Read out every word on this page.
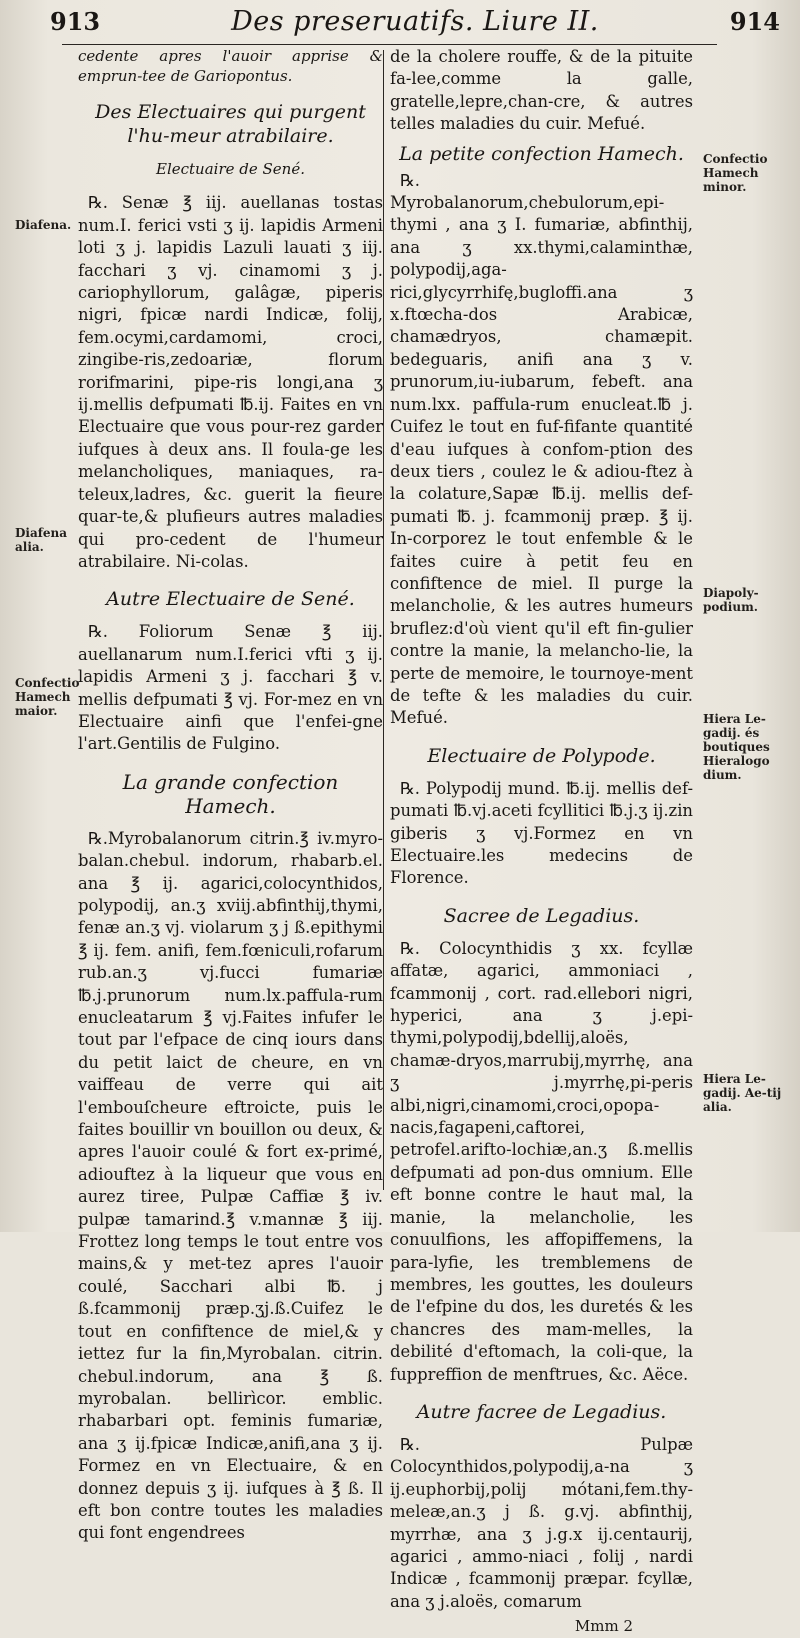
913	Des preseruatifs. Liure II.	914

cedente apres l'auoir apprise & emprun-tee de Gariopontus.

Des Electuaires qui purgent l'hu-meur atrabilaire.
Electuaire de Sené.

℞. Senæ ℥ iij. auellanas tostas num.I. ferici vsti ʒ ij. lapidis Armeni loti ʒ j. lapidis Lazuli lauati ʒ iij. facchari ʒ vj. cinamomi ʒ j. cariophyllorum, galâgæ, piperis nigri, fpicæ nardi Indicæ, folij, fem.ocymi,cardamomi, croci, zingibe-ris,zedoariæ, florum rorifmarini, pipe-ris longi,ana ʒ ij.mellis defpumati ℔.ij. Faites en vn Electuaire que vous pour-rez garder iufques à deux ans. Il foula-ge les melancholiques, maniaques, ra-teleux,ladres, &c. guerit la fieure quar-te,& plufieurs autres maladies qui pro-cedent de l'humeur atrabilaire. Ni-colas.

Autre Electuaire de Sené.

℞. Foliorum Senæ ℥ iij. auellanarum num.I.ferici vfti ʒ ij. lapidis Armeni ʒ j. facchari ℥ v. mellis defpumati ℥ vj. For-mez en vn Electuaire ainfi que l'enfei-gne l'art.Gentilis de Fulgino.

La grande confection Hamech.

℞.Myrobalanorum citrin.℥ iv.myro-balan.chebul. indorum, rhabarb.el. ana ℥ ij. agarici,colocynthidos, polypodij, an.ʒ xviij.abfinthij,thymi, fenæ an.ʒ vj. violarum ʒ j ß.epithymi ℥ ij. fem. anifi, fem.fœniculi,rofarum rub.an.ʒ vj.fucci fumariæ ℔.j.prunorum num.lx.paffula-rum enucleatarum ℥ vj.Faites infufer le tout par l'efpace de cinq iours dans du petit laict de cheure, en vn vaiffeau de verre qui ait l'embouſcheure eftroicte, puis le faites bouillir vn bouillon ou deux, & apres l'auoir coulé & fort ex-primé, adiouftez à la liqueur que vous en aurez tiree, Pulpæ Caffiæ ℥ iv. pulpæ tamarind.℥ v.mannæ ℥ iij. Frottez long temps le tout entre vos mains,& y met-tez apres l'auoir coulé, Sacchari albi ℔. j ß.fcammonij præp.ʒj.ß.Cuifez le tout en confiftence de miel,& y iettez fur la fin,Myrobalan. citrin. chebul.indorum, ana ℥ ß. myrobalan. bellirìcor. emblic. rhabarbari opt. feminis fumariæ, ana ʒ ij.fpicæ Indicæ,anifi,ana ʒ ij. Formez en vn Electuaire, & en donnez depuis ʒ ij. iufques à ℥ ß. Il eft bon contre toutes les maladies qui font engendrees

de la cholere rouffe, & de la pituite fa-lee,comme la galle, gratelle,lepre,chan-cre, & autres telles maladies du cuir. Mefué.

La petite confection Hamech.

℞. Myrobalanorum,chebulorum,epi-thymi , ana ʒ I. fumariæ, abfinthij, ana ʒ xx.thymi,calaminthæ, polypodij,aga-rici,glycyrrhifę,bugloffi.ana ʒ x.ftœcha-dos Arabicæ, chamædryos, chamæpit. bedeguaris, anifi ana ʒ v. prunorum,iu-iubarum, febeft. ana num.lxx. paffula-rum enucleat.℔ j. Cuifez le tout en fuf-fifante quantité d'eau iufques à confom-ption des deux tiers , coulez le & adiou-ftez à la colature,Sapæ ℔.ij. mellis def-pumati ℔. j. fcammonij præp. ℥ ij. In-corporez le tout enfemble & le faites cuire à petit feu en confiftence de miel. Il purge la melancholie, & les autres humeurs bruflez:d'où vient qu'il eft fin-gulier contre la manie, la melancho-lie, la perte de memoire, le tournoye-ment de tefte & les maladies du cuir. Mefué.

Electuaire de Polypode.

℞. Polypodij mund. ℔.ij. mellis def-pumati ℔.vj.aceti fcyllitici ℔.j.ʒ ij.zin giberis ʒ vj.Formez en vn Electuaire.les medecins de Florence.

Sacree de Legadius.

℞. Colocynthidis ʒ xx. fcyllæ affatæ, agarici, ammoniaci , fcammonij , cort. rad.ellebori nigri, hyperici, ana ʒ j.epi-thymi,polypodij,bdellij,aloës, chamæ-dryos,marrubij,myrrhę, ana ʒ j.myrrhę,pi-peris albi,nigri,cinamomi,croci,opopa-nacis,fagapeni,caftorei, petrofel.arifto-lochiæ,an.ʒ ß.mellis defpumati ad pon-dus omnium. Elle eft bonne contre le haut mal, la manie, la melancholie, les conuulfions, les affopiffemens, la para-lyfie, les tremblemens de membres, les gouttes, les douleurs de l'efpine du dos, les duretés & les chancres des mam-melles, la debilité d'eftomach, la coli-que, la fuppreffion de menftrues, &c. Aëce.

Autre facree de Legadius.

℞. Pulpæ Colocynthidos,polypodij,a-na ʒ ij.euphorbij,polij mótani,fem.thy-meleæ,an.ʒ j ß. g.vj. abfinthij, myrrhæ, ana ʒ j.g.x ij.centaurij, agarici , ammo-niaci , folij , nardi Indicæ , fcammonij præpar. fcyllæ, ana ʒ j.aloës, comarum

Mmm 2
Diafena.
Diafena alia.
Confectio Hamech maior.
Confectio Hamech minor.
Diapoly-podium.
Hiera Le-gadij. és boutiques Hieralogo dium.
Hiera Le-gadij. Ae-tij alia.
